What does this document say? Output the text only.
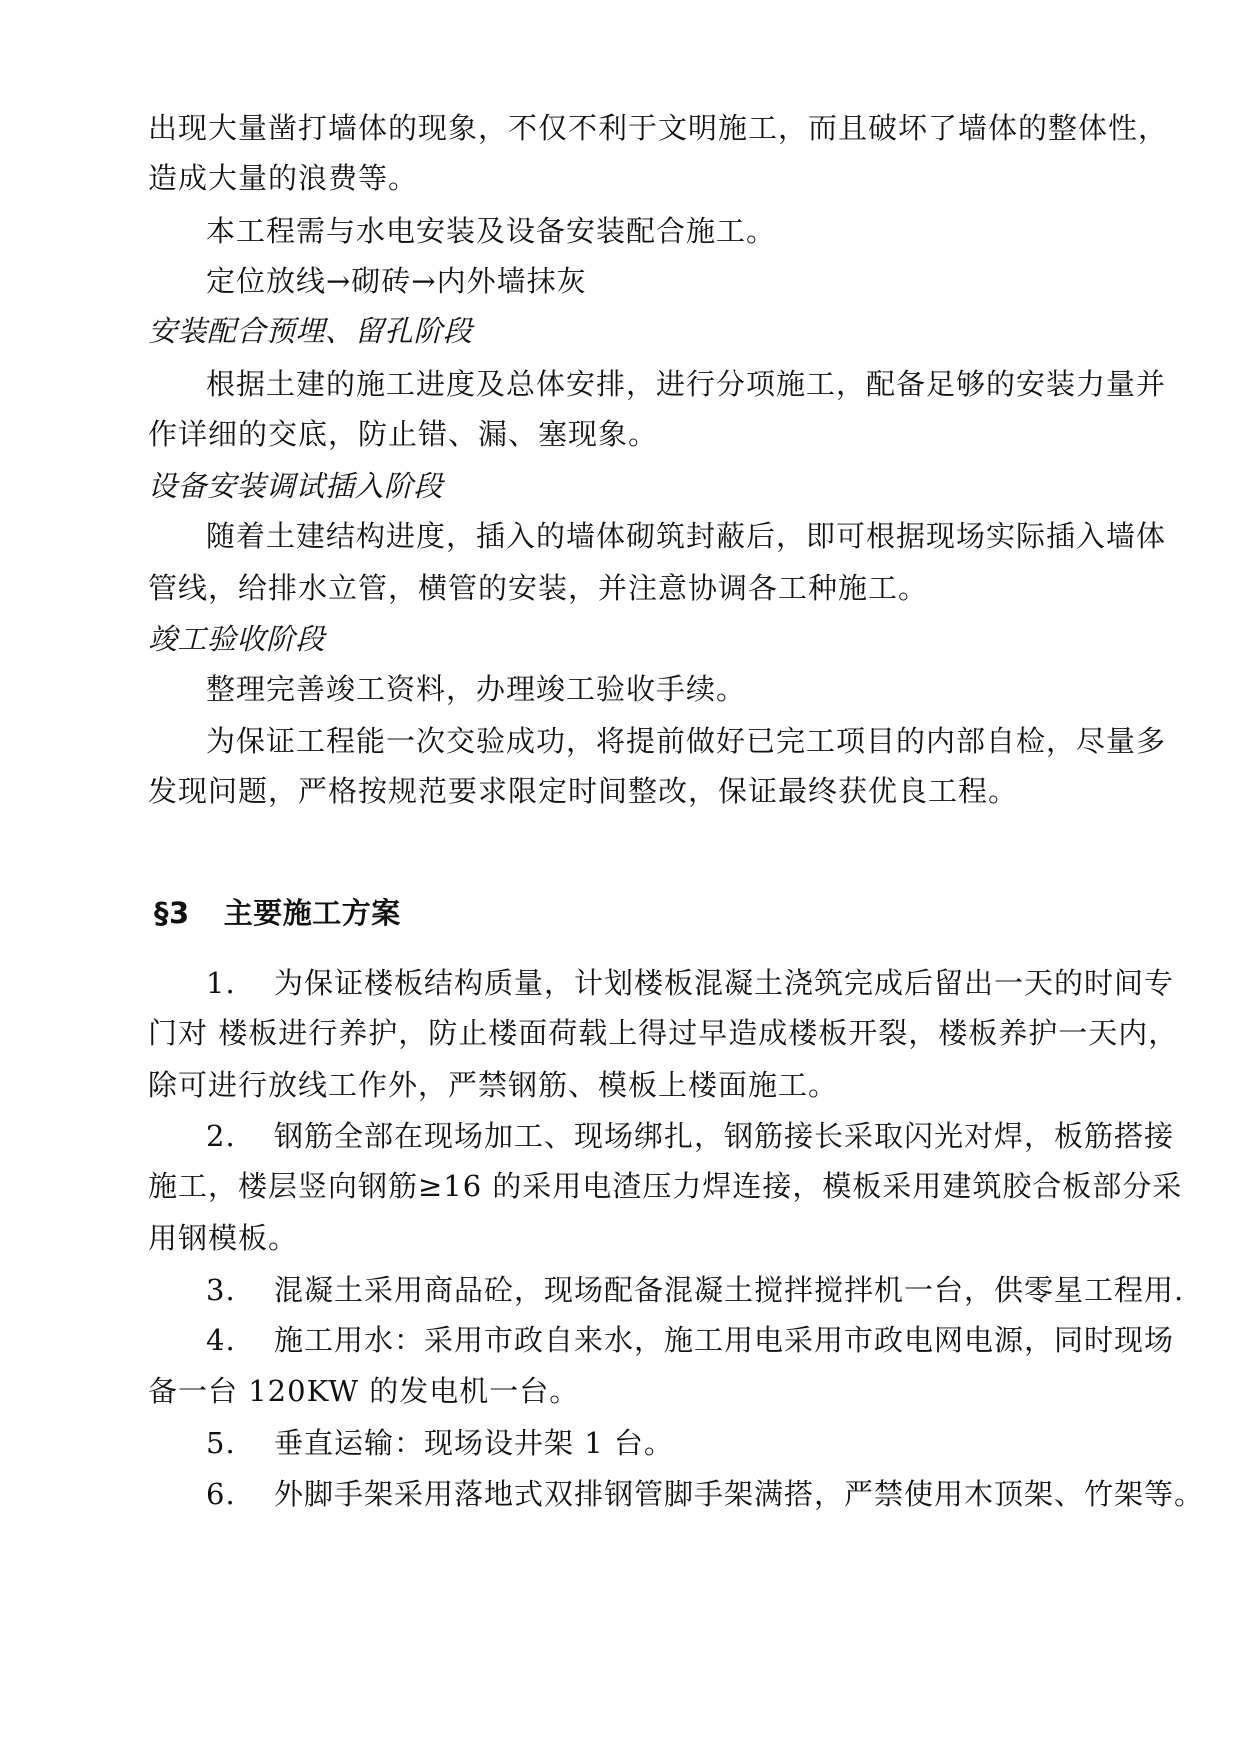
出现大量凿打墙体的现象，不仅不利于文明施工，而且破坏了墙体的整体性，
造成大量的浪费等。
本工程需与水电安装及设备安装配合施工。
定位放线→砌砖→内外墙抹灰
安装配合预埋、留孔阶段
根据土建的施工进度及总体安排，进行分项施工，配备足够的安装力量并
作详细的交底，防止错、漏、塞现象。
设备安装调试插入阶段
随着土建结构进度，插入的墙体砌筑封蔽后，即可根据现场实际插入墙体
管线，给排水立管，横管的安装，并注意协调各工种施工。
竣工验收阶段
整理完善竣工资料，办理竣工验收手续。
为保证工程能一次交验成功，将提前做好已完工项目的内部自检，尽量多
发现问题，严格按规范要求限定时间整改，保证最终获优良工程。
§3 主要施工方案
1. 为保证楼板结构质量，计划楼板混凝土浇筑完成后留出一天的时间专
门对 楼板进行养护，防止楼面荷载上得过早造成楼板开裂，楼板养护一天内，
除可进行放线工作外，严禁钢筋、模板上楼面施工。
2. 钢筋全部在现场加工、现场绑扎，钢筋接长采取闪光对焊，板筋搭接
施工，楼层竖向钢筋≥16 的采用电渣压力焊连接，模板采用建筑胶合板部分采
用钢模板。
3. 混凝土采用商品砼，现场配备混凝土搅拌搅拌机一台，供零星工程用.
4. 施工用水：采用市政自来水，施工用电采用市政电网电源，同时现场
备一台 120KW 的发电机一台。
5. 垂直运输：现场设井架 1 台。
6. 外脚手架采用落地式双排钢管脚手架满搭，严禁使用木顶架、竹架等。
